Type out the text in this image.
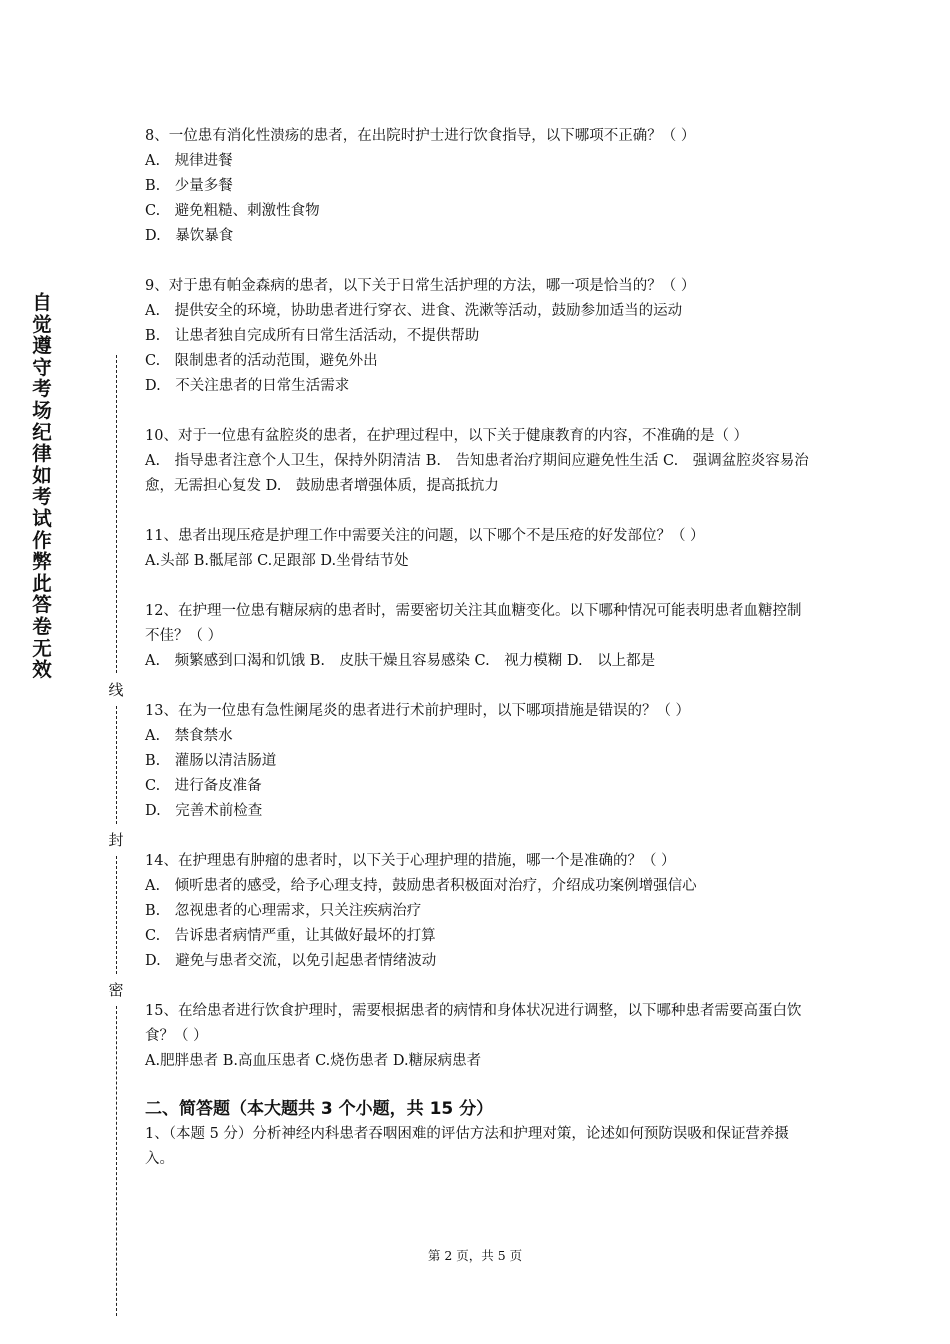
自觉遵守考场纪律如考试作弊此答卷无效
线
封
密

8、一位患有消化性溃疡的患者，在出院时护士进行饮食指导，以下哪项不正确？（ ）

A.　规律进餐

B.　少量多餐

C.　避免粗糙、刺激性食物

D.　暴饮暴食

9、对于患有帕金森病的患者，以下关于日常生活护理的方法，哪一项是恰当的？（ ）

A.　提供安全的环境，协助患者进行穿衣、进食、洗漱等活动，鼓励参加适当的运动

B.　让患者独自完成所有日常生活活动，不提供帮助

C.　限制患者的活动范围，避免外出

D.　不关注患者的日常生活需求

10、对于一位患有盆腔炎的患者，在护理过程中，以下关于健康教育的内容，不准确的是（ ）

A.　指导患者注意个人卫生，保持外阴清洁 B.　告知患者治疗期间应避免性生活 C.　强调盆腔炎容易治愈，无需担心复发 D.　鼓励患者增强体质，提高抵抗力

11、患者出现压疮是护理工作中需要关注的问题，以下哪个不是压疮的好发部位？（ ）

A.头部 B.骶尾部 C.足跟部 D.坐骨结节处

12、在护理一位患有糖尿病的患者时，需要密切关注其血糖变化。以下哪种情况可能表明患者血糖控制不佳？（ ）

A.　频繁感到口渴和饥饿 B.　皮肤干燥且容易感染 C.　视力模糊 D.　以上都是

13、在为一位患有急性阑尾炎的患者进行术前护理时，以下哪项措施是错误的？（ ）

A.　禁食禁水

B.　灌肠以清洁肠道

C.　进行备皮准备

D.　完善术前检查

14、在护理患有肿瘤的患者时，以下关于心理护理的措施，哪一个是准确的？（ ）

A.　倾听患者的感受，给予心理支持，鼓励患者积极面对治疗，介绍成功案例增强信心

B.　忽视患者的心理需求，只关注疾病治疗

C.　告诉患者病情严重，让其做好最坏的打算

D.　避免与患者交流，以免引起患者情绪波动

15、在给患者进行饮食护理时，需要根据患者的病情和身体状况进行调整，以下哪种患者需要高蛋白饮食？（ ）

A.肥胖患者 B.高血压患者 C.烧伤患者 D.糖尿病患者

二、简答题（本大题共 3 个小题，共 15 分）

1、（本题 5 分）分析神经内科患者吞咽困难的评估方法和护理对策，论述如何预防误吸和保证营养摄入。

第 2 页，共 5 页
